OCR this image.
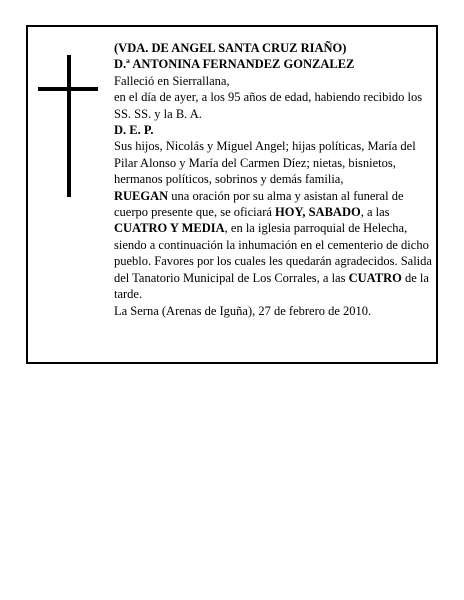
(VDA. DE ANGEL SANTA CRUZ RIAÑO)

D.ª ANTONINA FERNANDEZ GONZALEZ

Falleció en Sierrallana,

en el día de ayer, a los 95 años de edad, habiendo recibido los SS. SS. y la B. A.

D. E. P.

Sus hijos, Nicolás y Miguel Angel; hijas políticas, María del Pilar Alonso y María del Carmen Díez; nietas, bisnietos, hermanos políticos, sobrinos y demás familia,

RUEGAN una oración por su alma y asistan al funeral de cuerpo presente que, se oficiará HOY, SABADO, a las CUATRO Y MEDIA, en la iglesia parroquial de Helecha, siendo a continuación la inhumación en el cementerio de dicho pueblo. Favores por los cuales les quedarán agradecidos. Salida del Tanatorio Municipal de Los Corrales, a las CUATRO de la tarde.

La Serna (Arenas de Iguña), 27 de febrero de 2010.
